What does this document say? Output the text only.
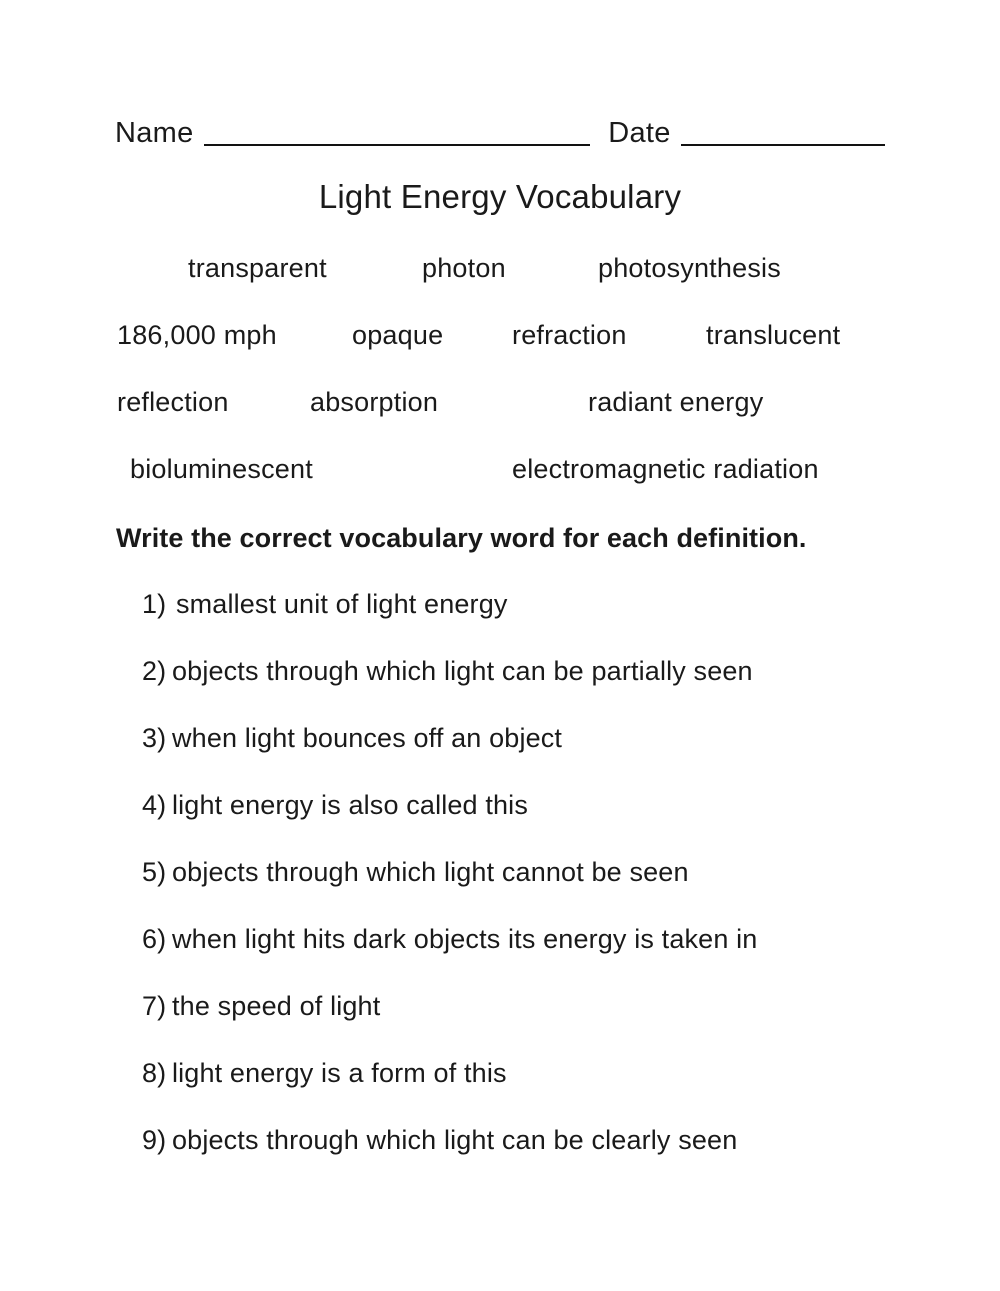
Name	Date
Light Energy Vocabulary
transparent	photon	photosynthesis
186,000 mph	opaque	refraction	translucent
reflection	absorption	radiant energy
bioluminescent	electromagnetic radiation
Write the correct vocabulary word for each definition.
1) smallest unit of light energy
2) objects through which light can be partially seen
3) when light bounces off an object
4) light energy is also called this
5) objects through which light cannot be seen
6) when light hits dark objects its energy is taken in
7) the speed of light
8) light energy is a form of this
9) objects through which light can be clearly seen
